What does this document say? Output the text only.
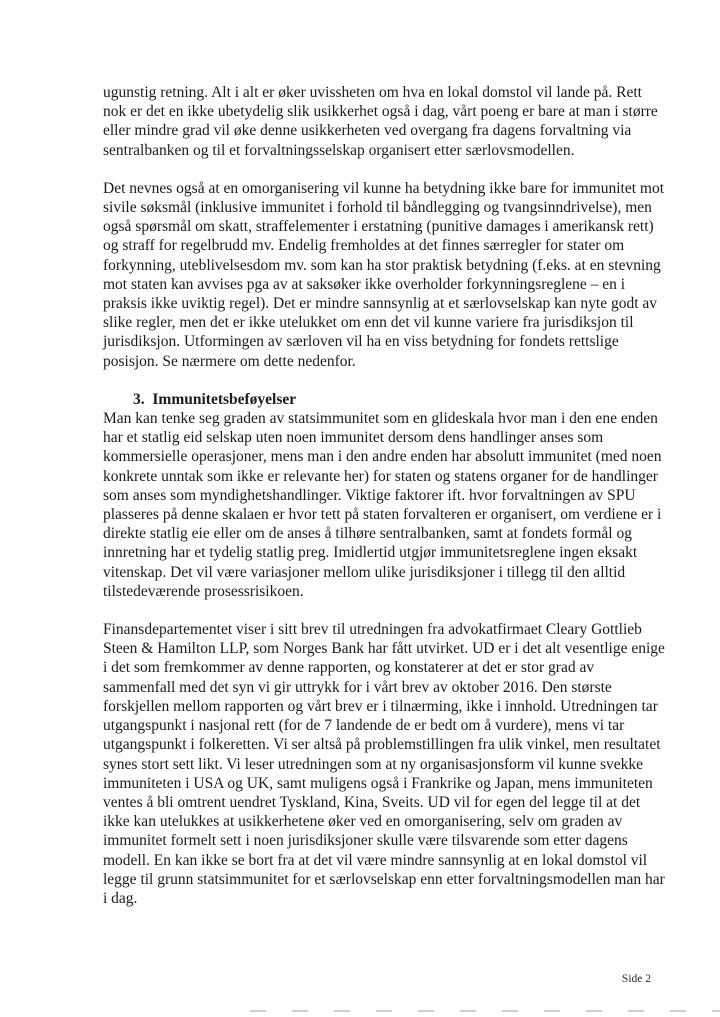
ugunstig retning. Alt i alt er øker uvissheten om hva en lokal domstol vil lande på. Rett nok er det en ikke ubetydelig slik usikkerhet også i dag, vårt poeng er bare at man i større eller mindre grad vil øke denne usikkerheten ved overgang fra dagens forvaltning via sentralbanken og til et forvaltningsselskap organisert etter særlovsmodellen.

Det nevnes også at en omorganisering vil kunne ha betydning ikke bare for immunitet mot sivile søksmål (inklusive immunitet i forhold til båndlegging og tvangsinndrivelse), men også spørsmål om skatt, straffelementer i erstatning (punitive damages i amerikansk rett) og straff for regelbrudd mv. Endelig fremholdes at det finnes særregler for stater om forkynning, uteblivelsesdom mv. som kan ha stor praktisk betydning (f.eks. at en stevning mot staten kan avvises pga av at saksøker ikke overholder forkynningsreglene – en i praksis ikke uviktig regel). Det er mindre sannsynlig at et særlovselskap kan nyte godt av slike regler, men det er ikke utelukket om enn det vil kunne variere fra jurisdiksjon til jurisdiksjon. Utformingen av særloven vil ha en viss betydning for fondets rettslige posisjon. Se nærmere om dette nedenfor.

3.  Immunitetsbeføyelser

Man kan tenke seg graden av statsimmunitet som en glideskala hvor man i den ene enden har et statlig eid selskap uten noen immunitet dersom dens handlinger anses som kommersielle operasjoner, mens man i den andre enden har absolutt immunitet (med noen konkrete unntak som ikke er relevante her) for staten og statens organer for de handlinger som anses som myndighetshandlinger. Viktige faktorer ift. hvor forvaltningen av SPU plasseres på denne skalaen er hvor tett på staten forvalteren er organisert, om verdiene er i direkte statlig eie eller om de anses å tilhøre sentralbanken, samt at fondets formål og innretning har et tydelig statlig preg. Imidlertid utgjør immunitetsreglene ingen eksakt vitenskap. Det vil være variasjoner mellom ulike jurisdiksjoner i tillegg til den alltid tilstedeværende prosessrisikoen.

Finansdepartementet viser i sitt brev til utredningen fra advokatfirmaet Cleary Gottlieb Steen & Hamilton LLP, som Norges Bank har fått utvirket. UD er i det alt vesentlige enige i det som fremkommer av denne rapporten, og konstaterer at det er stor grad av sammenfall med det syn vi gir uttrykk for i vårt brev av oktober 2016. Den største forskjellen mellom rapporten og vårt brev er i tilnærming, ikke i innhold. Utredningen tar utgangspunkt i nasjonal rett (for de 7 landende de er bedt om å vurdere), mens vi tar utgangspunkt i folkeretten. Vi ser altså på problemstillingen fra ulik vinkel, men resultatet synes stort sett likt. Vi leser utredningen som at ny organisasjonsform vil kunne svekke immuniteten i USA og UK, samt muligens også i Frankrike og Japan, mens immuniteten ventes å bli omtrent uendret Tyskland, Kina, Sveits. UD vil for egen del legge til at det ikke kan utelukkes at usikkerhetene øker ved en omorganisering, selv om graden av immunitet formelt sett i noen jurisdiksjoner skulle være tilsvarende som etter dagens modell. En kan ikke se bort fra at det vil være mindre sannsynlig at en lokal domstol vil legge til grunn statsimmunitet for et særlovselskap enn etter forvaltningsmodellen man har i dag.

Side 2
